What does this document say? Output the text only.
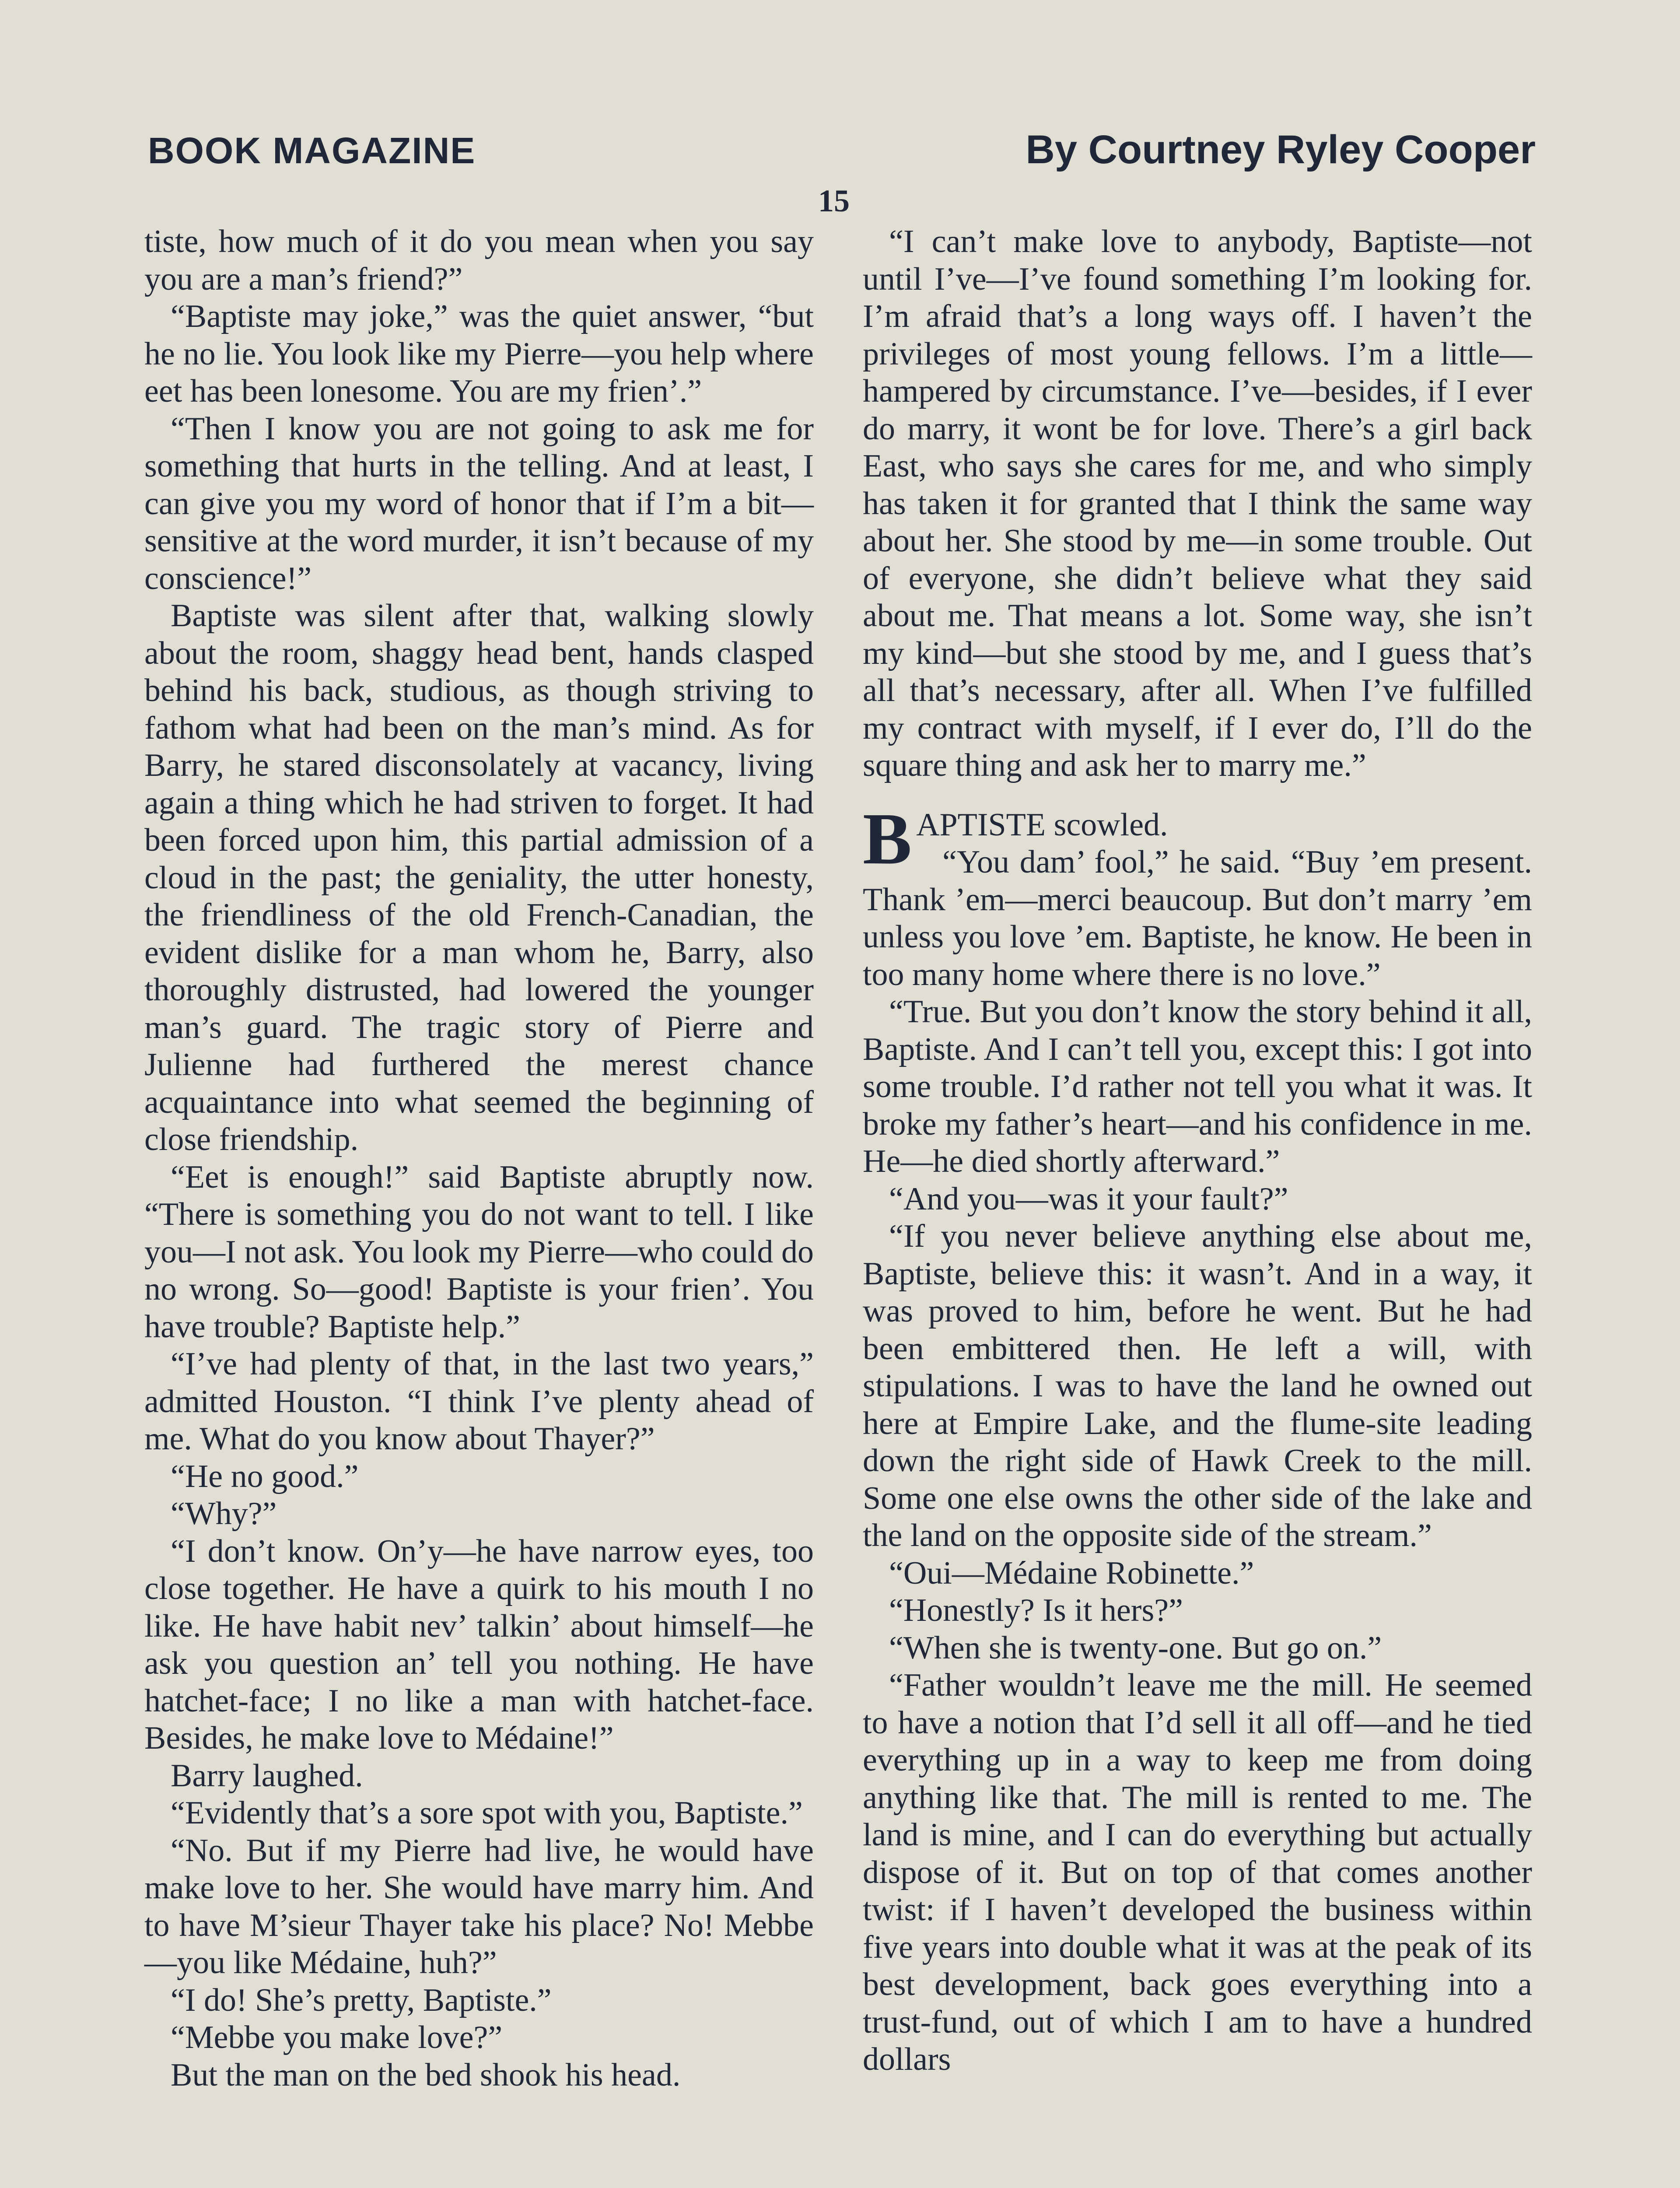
BOOK MAGAZINE	By Courtney Ryley Cooper
15

tiste, how much of it do you mean when you say you are a man’s friend?”

“Baptiste may joke,” was the quiet answer, “but he no lie. You look like my Pierre—you help where eet has been lonesome. You are my frien’.”

“Then I know you are not going to ask me for something that hurts in the telling. And at least, I can give you my word of honor that if I’m a bit—sensitive at the word murder, it isn’t because of my conscience!”

Baptiste was silent after that, walking slowly about the room, shaggy head bent, hands clasped behind his back, studious, as though striving to fathom what had been on the man’s mind. As for Barry, he stared disconsolately at vacancy, living again a thing which he had striven to forget. It had been forced upon him, this partial admission of a cloud in the past; the geniality, the utter honesty, the friendliness of the old French-Canadian, the evident dislike for a man whom he, Barry, also thoroughly distrusted, had lowered the younger man’s guard. The tragic story of Pierre and Julienne had furthered the merest chance acquaintance into what seemed the beginning of close friendship.

“Eet is enough!” said Baptiste abruptly now. “There is something you do not want to tell. I like you—I not ask. You look my Pierre—who could do no wrong. So—good! Baptiste is your frien’. You have trouble? Baptiste help.”

“I’ve had plenty of that, in the last two years,” admitted Houston. “I think I’ve plenty ahead of me. What do you know about Thayer?”

“He no good.”

“Why?”

“I don’t know. On’y—he have narrow eyes, too close together. He have a quirk to his mouth I no like. He have habit nev’ talkin’ about himself—he ask you question an’ tell you nothing. He have hatchet-face; I no like a man with hatchet-face. Besides, he make love to Médaine!”

Barry laughed.

“Evidently that’s a sore spot with you, Baptiste.”

“No. But if my Pierre had live, he would have make love to her. She would have marry him. And to have M’sieur Thayer take his place? No! Mebbe—you like Médaine, huh?”

“I do! She’s pretty, Baptiste.”

“Mebbe you make love?”

But the man on the bed shook his head.

“I can’t make love to anybody, Baptiste—not until I’ve—I’ve found something I’m looking for. I’m afraid that’s a long ways off. I haven’t the privileges of most young fellows. I’m a little—hampered by circumstance. I’ve—besides, if I ever do marry, it wont be for love. There’s a girl back East, who says she cares for me, and who simply has taken it for granted that I think the same way about her. She stood by me—in some trouble. Out of everyone, she didn’t believe what they said about me. That means a lot. Some way, she isn’t my kind—but she stood by me, and I guess that’s all that’s necessary, after all. When I’ve fulfilled my contract with myself, if I ever do, I’ll do the square thing and ask her to marry me.”

BAPTISTE scowled.

“You dam’ fool,” he said. “Buy ’em present. Thank ’em—merci beaucoup. But don’t marry ’em unless you love ’em. Baptiste, he know. He been in too many home where there is no love.”

“True. But you don’t know the story behind it all, Baptiste. And I can’t tell you, except this: I got into some trouble. I’d rather not tell you what it was. It broke my father’s heart—and his confidence in me. He—he died shortly afterward.”

“And you—was it your fault?”

“If you never believe anything else about me, Baptiste, believe this: it wasn’t. And in a way, it was proved to him, before he went. But he had been embittered then. He left a will, with stipulations. I was to have the land he owned out here at Empire Lake, and the flume-site leading down the right side of Hawk Creek to the mill. Some one else owns the other side of the lake and the land on the opposite side of the stream.”

“Oui—Médaine Robinette.”

“Honestly? Is it hers?”

“When she is twenty-one. But go on.”

“Father wouldn’t leave me the mill. He seemed to have a notion that I’d sell it all off—and he tied everything up in a way to keep me from doing anything like that. The mill is rented to me. The land is mine, and I can do everything but actually dispose of it. But on top of that comes another twist: if I haven’t developed the business within five years into double what it was at the peak of its best development, back goes everything into a trust-fund, out of which I am to have a hundred dollars
